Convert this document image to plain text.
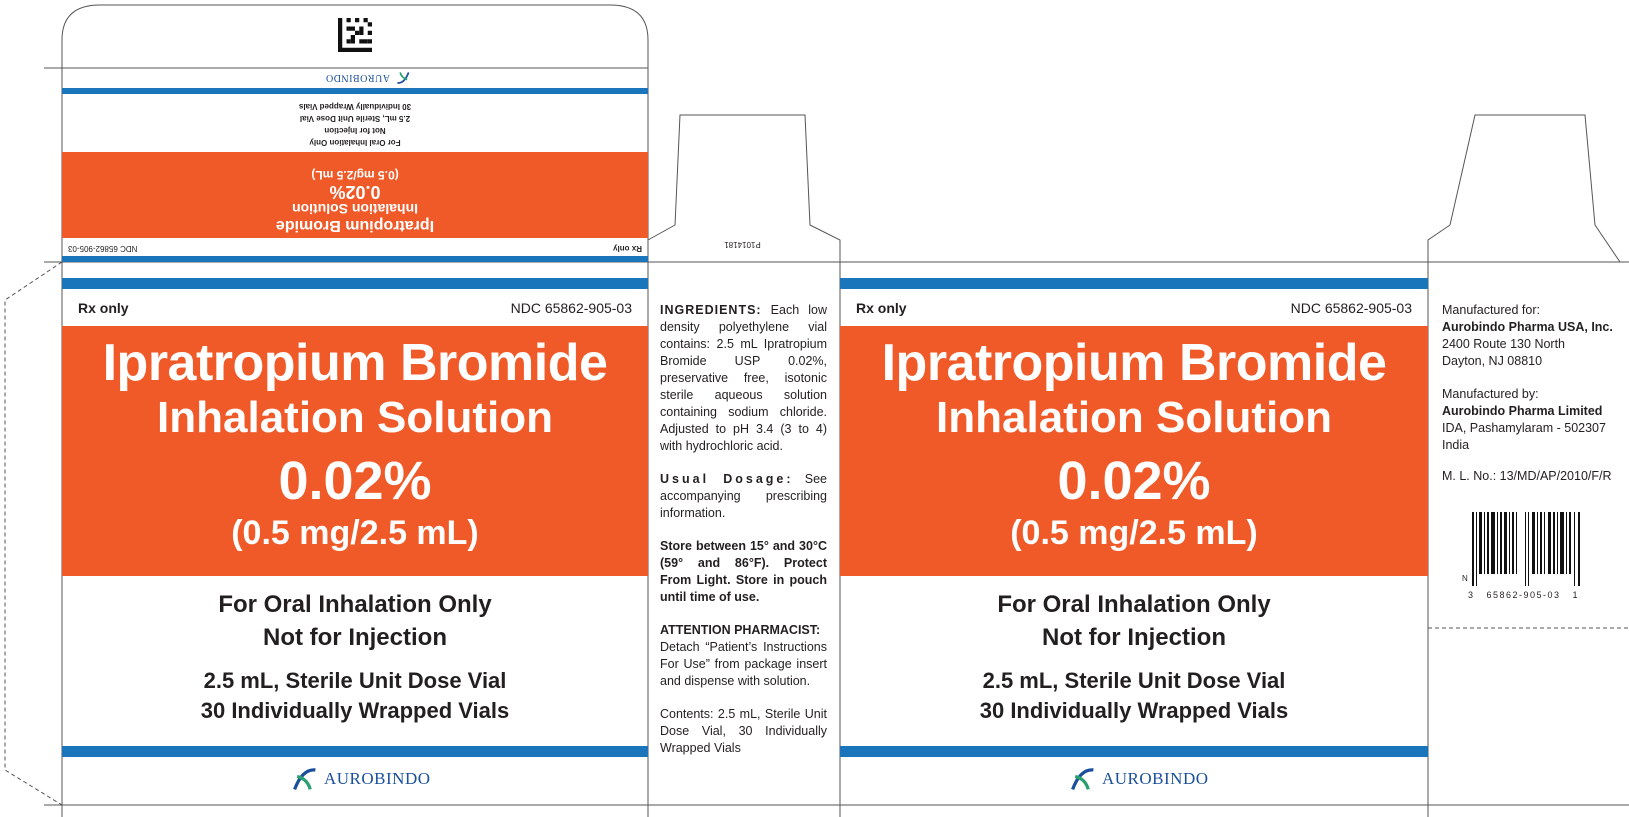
Rx only
NDC 65862-905-03
Ipratropium Bromide
Inhalation Solution
0.02%
(0.5 mg/2.5 mL)
For Oral Inhalation Only
Not for Injection
2.5 mL, Sterile Unit Dose Vial
30 Individually Wrapped Vials
AUROBINDO
P1014181
Rx only	NDC 65862-905-03
Ipratropium Bromide
Inhalation Solution
0.02%
(0.5 mg/2.5 mL)
For Oral Inhalation Only
Not for Injection
2.5 mL, Sterile Unit Dose Vial
30 Individually Wrapped Vials
AUROBINDO

INGREDIENTS: Each low density polyethylene vial contains: 2.5 mL Ipratropium Bromide USP 0.02%, preservative free, isotonic sterile aqueous solution containing sodium chloride. Adjusted to pH 3.4 (3 to 4) with hydrochloric acid.

Usual Dosage: See accompanying prescribing information.

Store between 15° and 30°C (59° and 86°F). Protect From Light. Store in pouch until time of use.

ATTENTION PHARMACIST:
Detach “Patient’s Instructions For Use” from package insert and dispense with solution.

Contents: 2.5 mL, Sterile Unit Dose Vial, 30 Individually Wrapped Vials

Rx only	NDC 65862-905-03
Ipratropium Bromide
Inhalation Solution
0.02%
(0.5 mg/2.5 mL)
For Oral Inhalation Only
Not for Injection
2.5 mL, Sterile Unit Dose Vial
30 Individually Wrapped Vials
AUROBINDO
Manufactured for:
Aurobindo Pharma USA, Inc.
2400 Route 130 North
Dayton, NJ 08810
Manufactured by:
Aurobindo Pharma Limited
IDA, Pashamylaram - 502307
India
M. L. No.: 13/MD/AP/2010/F/R
N
3   65862-905-03   1
